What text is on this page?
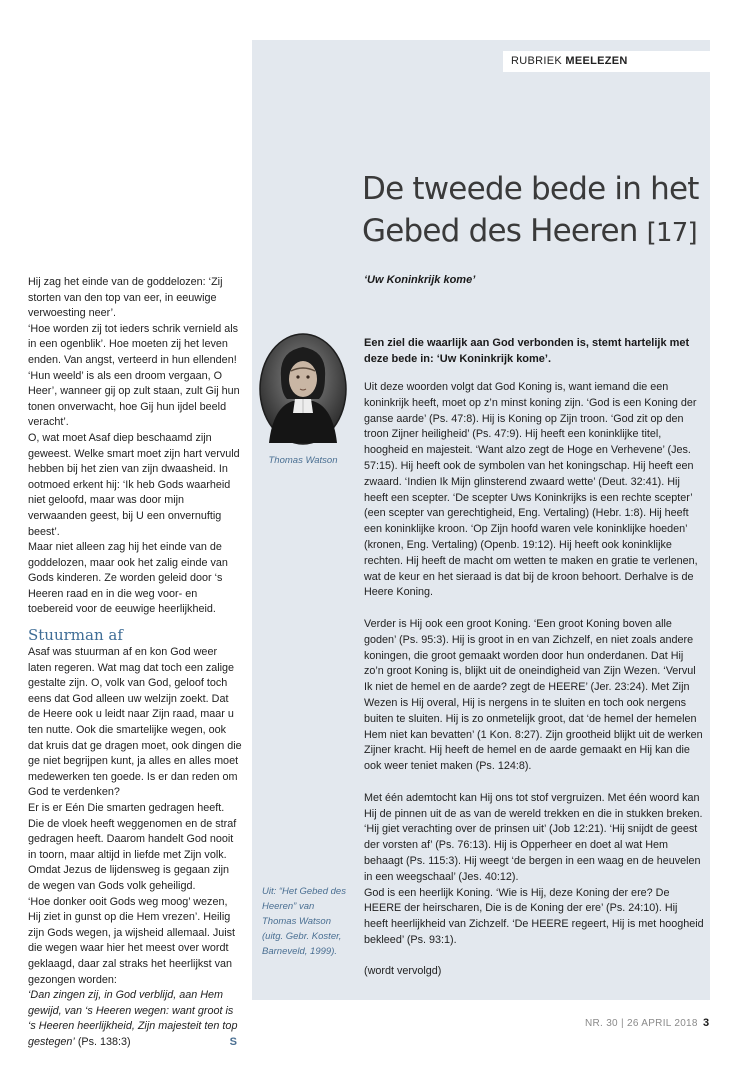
RUBRIEK MEELEZEN
De tweede bede in het Gebed des Heeren [17]
‘Uw Koninkrijk kome’
Een ziel die waarlijk aan God verbonden is, stemt hartelijk met deze bede in: ‘Uw Koninkrijk kome’.

Uit deze woorden volgt dat God Koning is, want iemand die een koninkrijk heeft, moet op z’n minst koning zijn. ‘God is een Koning der ganse aarde’ (Ps. 47:8). Hij is Koning op Zijn troon. ‘God zit op den troon Zijner heiligheid’ (Ps. 47:9). Hij heeft een koninklijke titel, hoogheid en majesteit. ‘Want alzo zegt de Hoge en Verhevene’ (Jes. 57:15). Hij heeft ook de symbolen van het koningschap. Hij heeft een zwaard. ‘Indien Ik Mijn glinsterend zwaard wette’ (Deut. 32:41). Hij heeft een scepter. ‘De scepter Uws Koninkrijks is een rechte scepter’ (een scepter van gerechtigheid, Eng. Vertaling) (Hebr. 1:8). Hij heeft een koninklijke kroon. ‘Op Zijn hoofd waren vele koninklijke hoeden’ (kronen, Eng. Vertaling) (Openb. 19:12). Hij heeft ook koninklijke rechten. Hij heeft de macht om wetten te maken en gratie te verlenen, wat de keur en het sieraad is dat bij de kroon behoort. Derhalve is de Heere Koning.

Verder is Hij ook een groot Koning. ‘Een groot Koning boven alle goden’ (Ps. 95:3). Hij is groot in en van Zichzelf, en niet zoals andere koningen, die groot gemaakt worden door hun onderdanen. Dat Hij zo’n groot Koning is, blijkt uit de oneindigheid van Zijn Wezen. ‘Vervul Ik niet de hemel en de aarde? zegt de HEERE’ (Jer. 23:24). Met Zijn Wezen is Hij overal, Hij is nergens in te sluiten en toch ook nergens buiten te sluiten. Hij is zo onmetelijk groot, dat ‘de hemel der hemelen Hem niet kan bevatten’ (1 Kon. 8:27). Zijn grootheid blijkt uit de werken Zijner kracht. Hij heeft de hemel en de aarde gemaakt en Hij kan die ook weer teniet maken (Ps. 124:8).

Met één ademtocht kan Hij ons tot stof vergruizen. Met één woord kan Hij de pinnen uit de as van de wereld trekken en die in stukken breken. ‘Hij giet verachting over de prinsen uit’ (Job 12:21). ‘Hij snijdt de geest der vorsten af’ (Ps. 76:13). Hij is Opperheer en doet al wat Hem behaagt (Ps. 115:3). Hij weegt ‘de bergen in een waag en de heuvelen in een weegschaal’ (Jes. 40:12).

God is een heerlijk Koning. ‘Wie is Hij, deze Koning der ere? De HEERE der heirscharen, Die is de Koning der ere’ (Ps. 24:10). Hij heeft heerlijkheid van Zichzelf. ‘De HEERE regeert, Hij is met hoogheid bekleed’ (Ps. 93:1).

(wordt vervolgd)

Thomas Watson
Uit: “Het Gebed des Heeren” van Thomas Watson (uitg. Gebr. Koster, Barneveld, 1999).

Hij zag het einde van de goddelozen: ‘Zij storten van den top van eer, in eeuwige verwoesting neer’.

‘Hoe worden zij tot ieders schrik vernield als in een ogenblik’. Hoe moeten zij het leven enden. Van angst, verteerd in hun ellenden! ‘Hun weeld’ is als een droom vergaan, O Heer’, wanneer gij op zult staan, zult Gij hun tonen onverwacht, hoe Gij hun ijdel beeld veracht’.

O, wat moet Asaf diep beschaamd zijn geweest. Welke smart moet zijn hart vervuld hebben bij het zien van zijn dwaasheid. In ootmoed erkent hij: ‘Ik heb Gods waarheid niet geloofd, maar was door mijn verwaanden geest, bij U een onvernuftig beest’.

Maar niet alleen zag hij het einde van de goddelozen, maar ook het zalig einde van Gods kinderen. Ze worden geleid door ‘s Heeren raad en in die weg voor- en toebereid voor de eeuwige heerlijkheid.

Stuurman af

Asaf was stuurman af en kon God weer laten regeren. Wat mag dat toch een zalige gestalte zijn. O, volk van God, geloof toch eens dat God alleen uw welzijn zoekt. Dat de Heere ook u leidt naar Zijn raad, maar u ten nutte. Ook die smartelijke wegen, ook dat kruis dat ge dragen moet, ook dingen die ge niet begrijpen kunt, ja alles en alles moet medewerken ten goede. Is er dan reden om God te verdenken?

Er is er Eén Die smarten gedragen heeft. Die de vloek heeft weggenomen en de straf gedragen heeft. Daarom handelt God nooit in toorn, maar altijd in liefde met Zijn volk. Omdat Jezus de lijdensweg is gegaan zijn de wegen van Gods volk geheiligd.

‘Hoe donker ooit Gods weg moog’ wezen, Hij ziet in gunst op die Hem vrezen’. Heilig zijn Gods wegen, ja wijsheid allemaal. Juist die wegen waar hier het meest over wordt geklaagd, daar zal straks het heerlijkst van gezongen worden:

‘Dan zingen zij, in God verblijd, aan Hem gewijd, van ‘s Heeren wegen: want groot is ‘s Heeren heerlijkheid, Zijn majesteit ten top gestegen’ (Ps. 138:3)	S

NR. 30 | 26 APRIL 2018 3
